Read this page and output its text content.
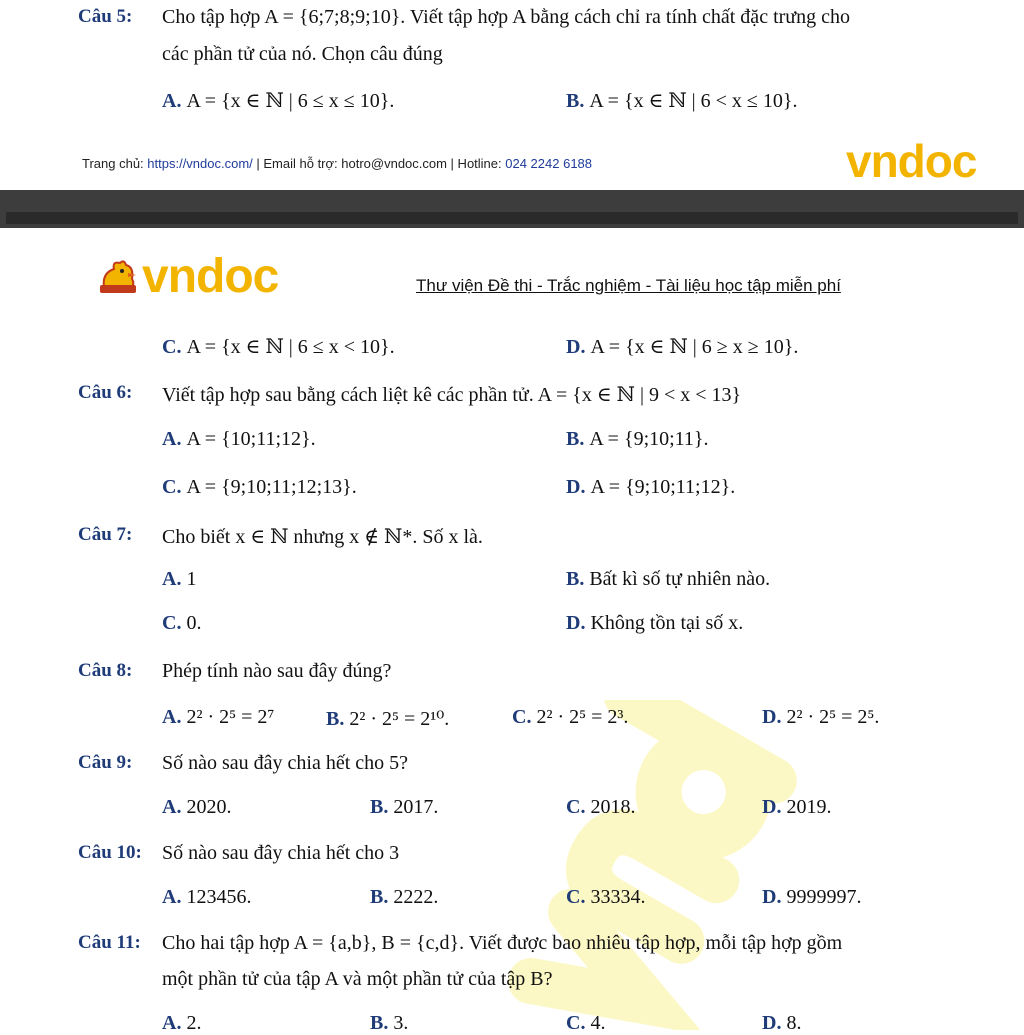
Câu 5: Cho tập hợp A = {6;7;8;9;10}. Viết tập hợp A bằng cách chỉ ra tính chất đặc trưng cho
các phần tử của nó. Chọn câu đúng
A. A = {x ∈ ℕ | 6 ≤ x ≤ 10}.	B. A = {x ∈ ℕ | 6 < x ≤ 10}.
Trang chủ: https://vndoc.com/ | Email hỗ trợ: hotro@vndoc.com | Hotline: 024 2242 6188	vndoc
vndoc	Thư viện Đề thi - Trắc nghiệm - Tài liệu học tập miễn phí
C. A = {x ∈ ℕ | 6 ≤ x < 10}.	D. A = {x ∈ ℕ | 6 ≥ x ≥ 10}.
Câu 6: Viết tập hợp sau bằng cách liệt kê các phần tử. A = {x ∈ ℕ | 9 < x < 13}
A. A = {10;11;12}.	B. A = {9;10;11}.
C. A = {9;10;11;12;13}.	D. A = {9;10;11;12}.
Câu 7: Cho biết x ∈ ℕ nhưng x ∉ ℕ*. Số x là.
A. 1	B. Bất kì số tự nhiên nào.
C. 0.	D. Không tồn tại số x.
Câu 8: Phép tính nào sau đây đúng?
A. 2² · 2⁵ = 2⁷	B. 2² · 2⁵ = 2¹⁰.	C. 2² · 2⁵ = 2³.	D. 2² · 2⁵ = 2⁵.
Câu 9: Số nào sau đây chia hết cho 5?
A. 2020.	B. 2017.	C. 2018.	D. 2019.
Câu 10: Số nào sau đây chia hết cho 3
A. 123456.	B. 2222.	C. 33334.	D. 9999997.
Câu 11: Cho hai tập hợp A = {a,b}, B = {c,d}. Viết được bao nhiêu tập hợp, mỗi tập hợp gồm
một phần tử của tập A và một phần tử của tập B?
A. 2.	B. 3.	C. 4.	D. 8.
